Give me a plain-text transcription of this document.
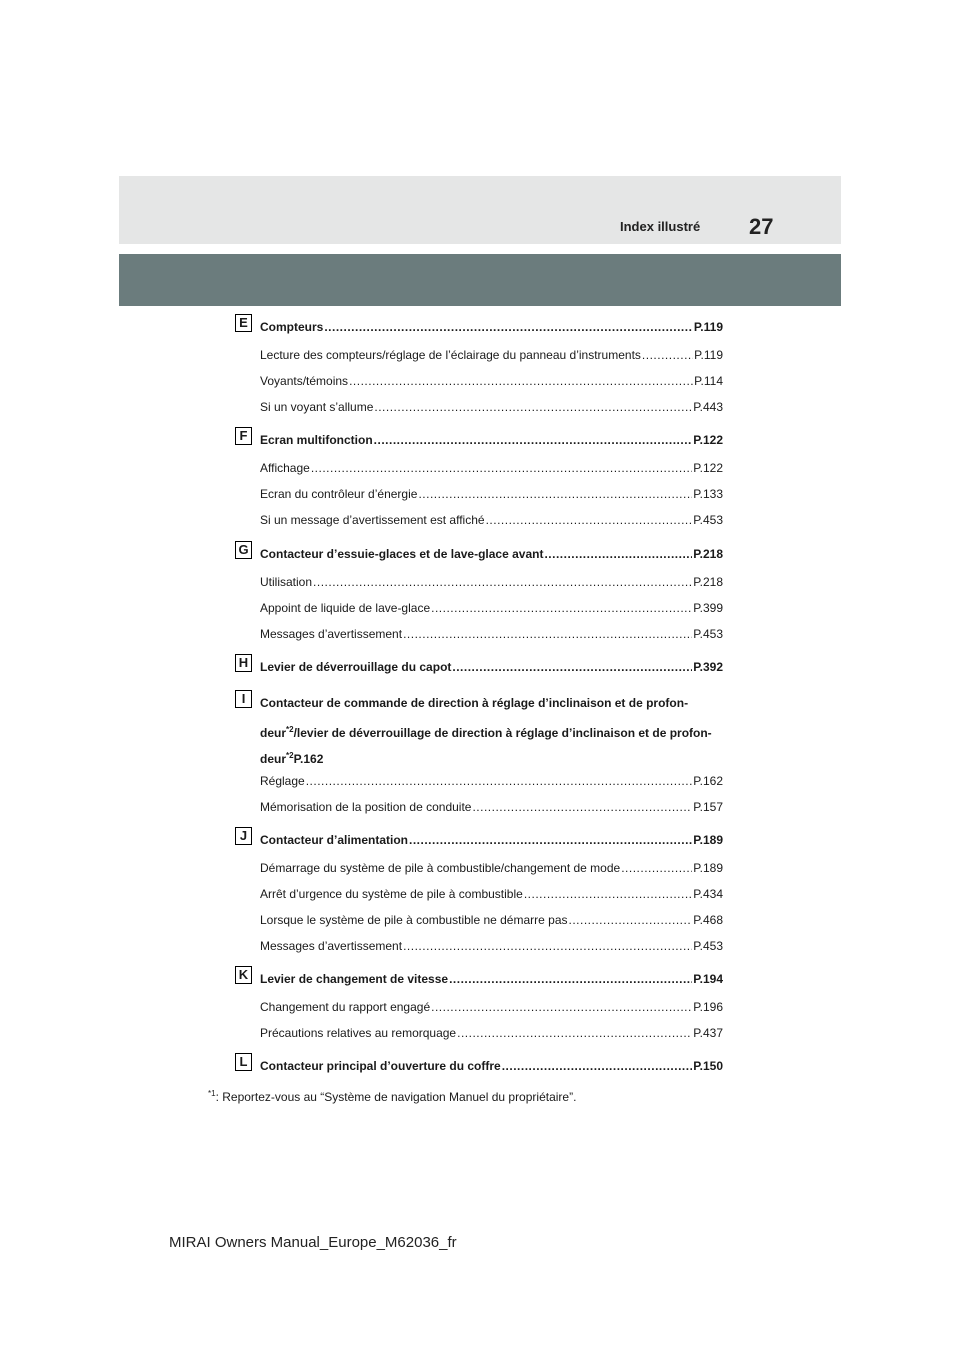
Index illustré 27
E	Compteurs .....	P.119
Lecture des compteurs/réglage de l’éclairage du panneau d’instruments .....	P.119
Voyants/témoins .....	P.114
Si un voyant s’allume .....	P.443
F	Ecran multifonction .....	P.122
Affichage .....	P.122
Ecran du contrôleur d’énergie .....	P.133
Si un message d’avertissement est affiché .....	P.453
G Contacteur d’essuie-glaces et de lave-glace avant .....	P.218
Utilisation .....	P.218
Appoint de liquide de lave-glace .....	P.399
Messages d’avertissement .....	P.453
H Levier de déverrouillage du capot .....	P.392
I	Contacteur de commande de direction à réglage d’inclinaison et de profon-
deur$^{*2}$/levier de déverrouillage de direction à réglage d’inclinaison et de profon-
deur$^{*2}$P.162
Réglage .....	P.162
Mémorisation de la position de conduite .....	P.157
J	Contacteur d’alimentation .....	P.189
Démarrage du système de pile à combustible/changement de mode .....	P.189
Arrêt d’urgence du système de pile à combustible .....	P.434
Lorsque le système de pile à combustible ne démarre pas .....	P.468
Messages d’avertissement .....	P.453
K Levier de changement de vitesse .....	P.194
Changement du rapport engagé .....	P.196
Précautions relatives au remorquage .....	P.437
L	Contacteur principal d’ouverture du coffre .....	P.150
$^{*1}$: Reportez-vous au “Système de navigation Manuel du propriétaire”.
MIRAI Owners Manual_Europe_M62036_fr
